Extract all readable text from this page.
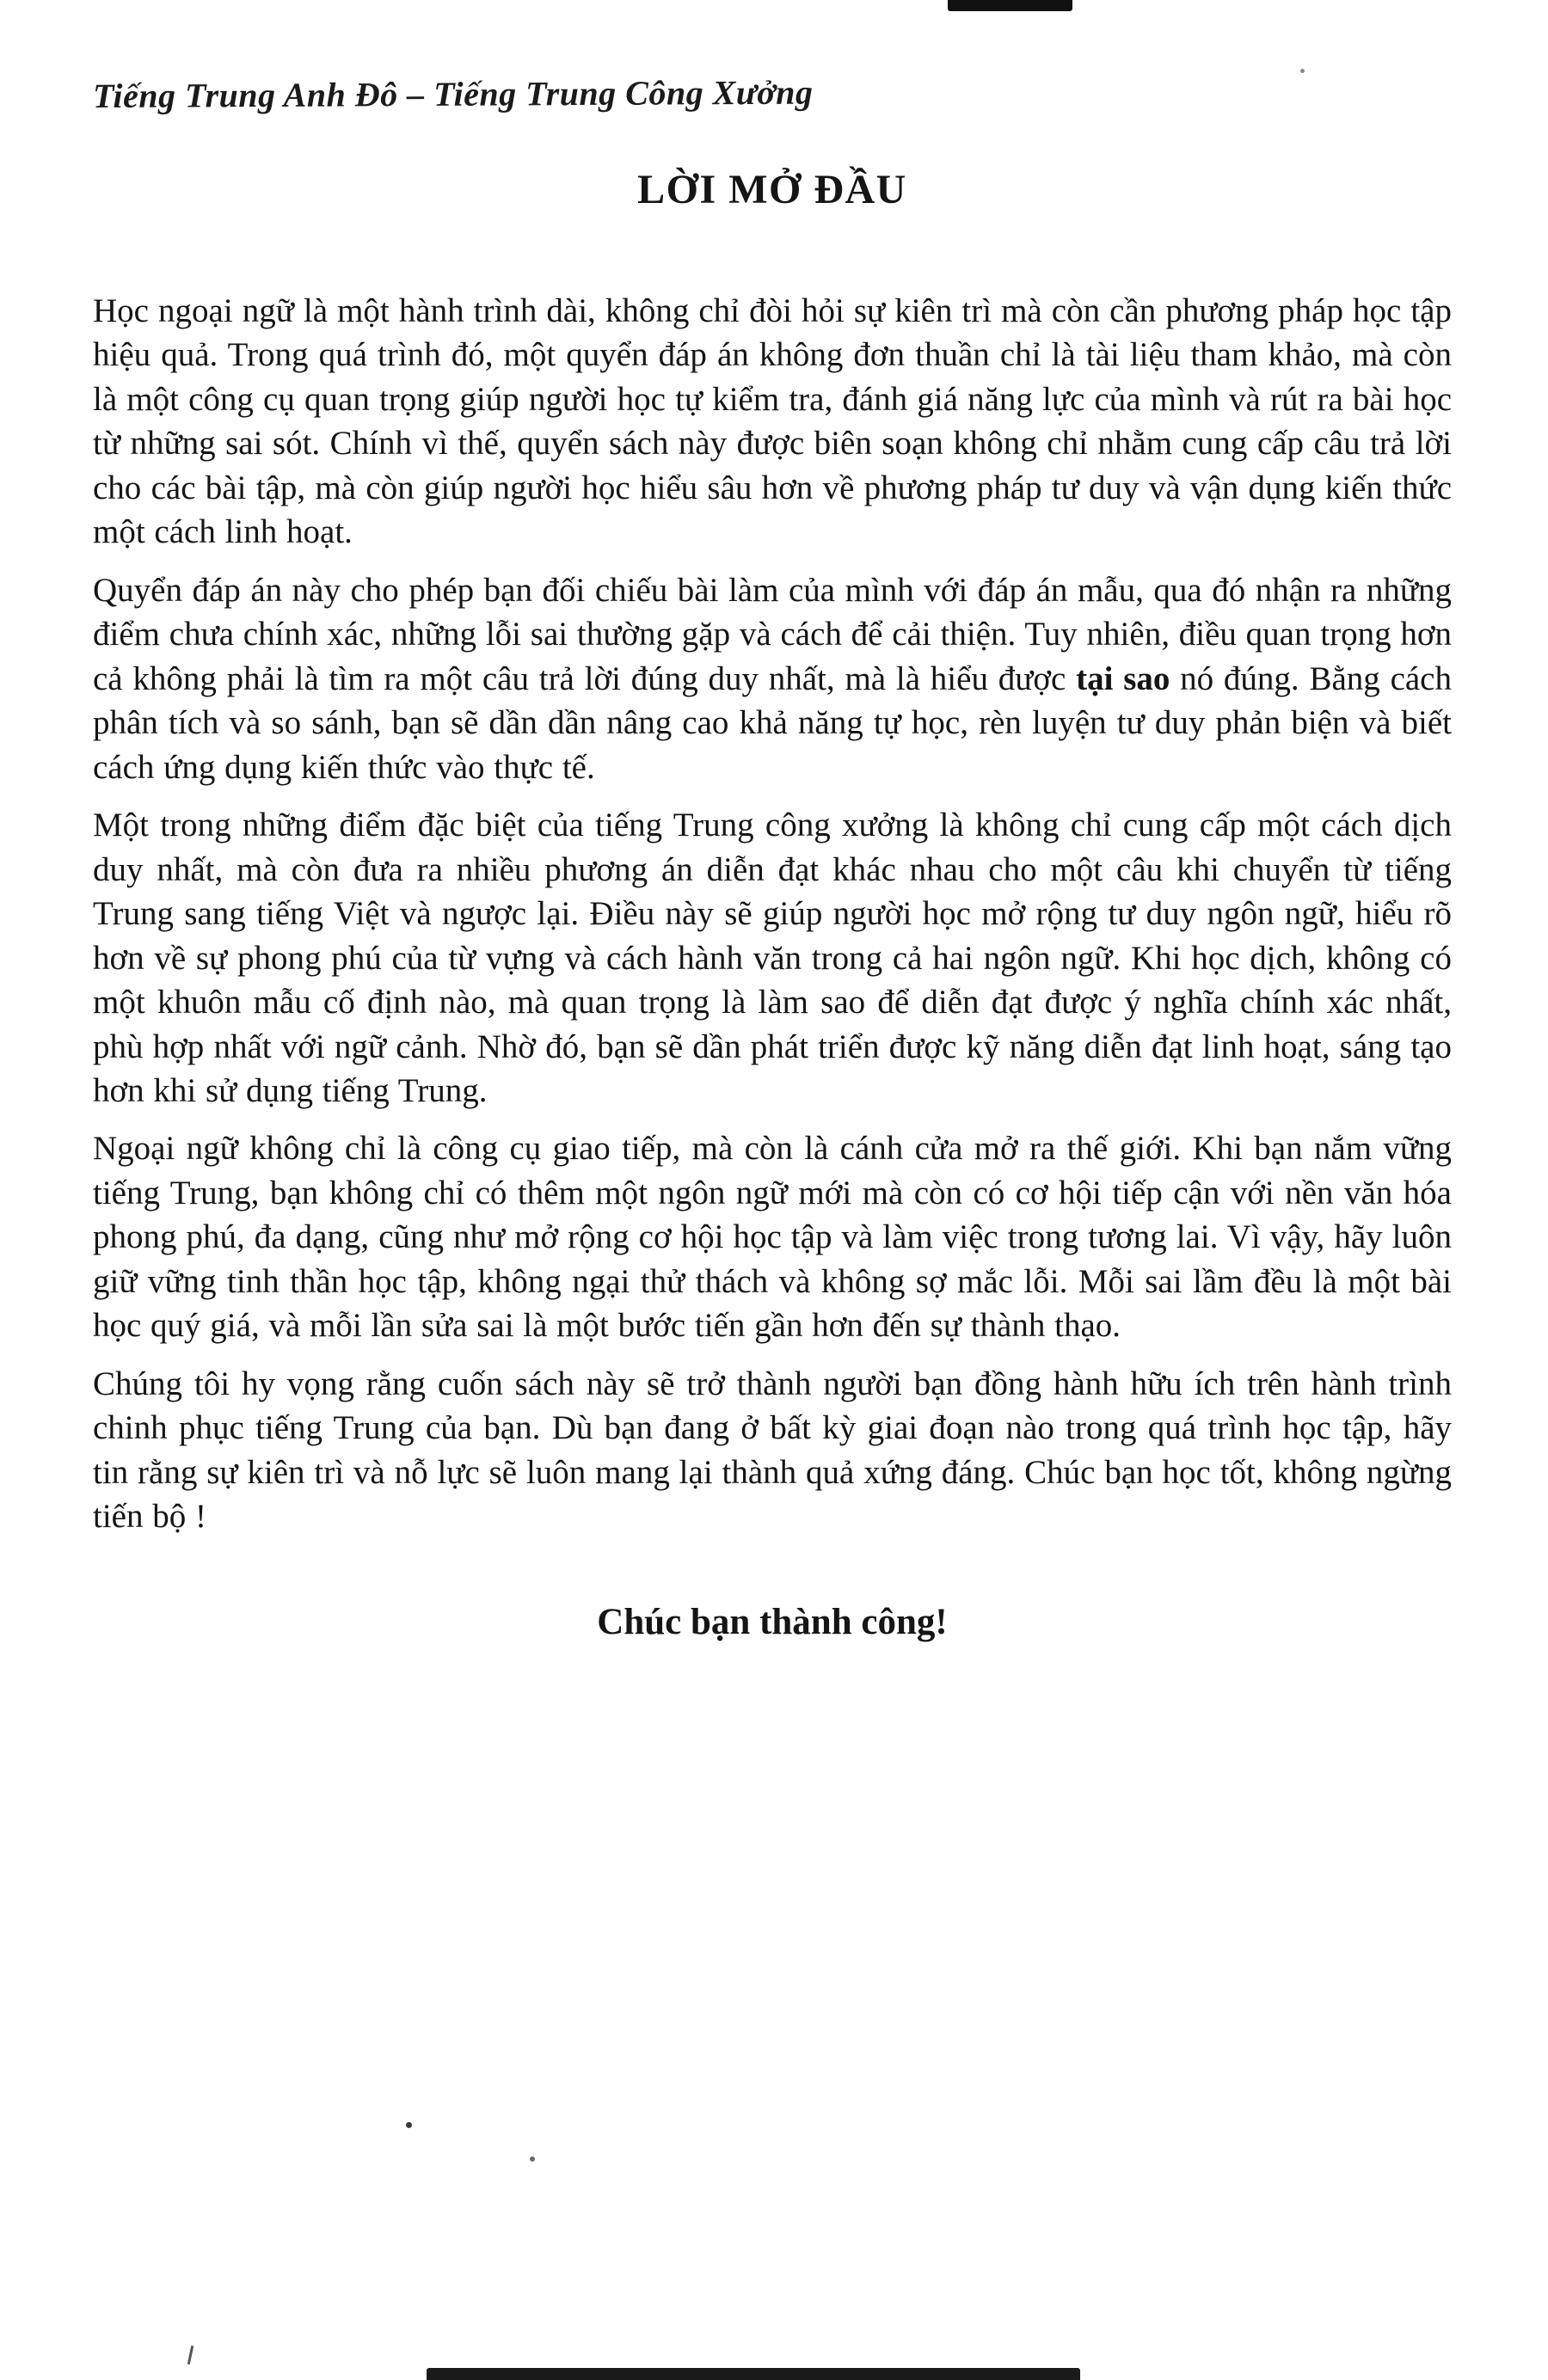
Tiếng Trung Anh Đô – Tiếng Trung Công Xưởng
LỜI MỞ ĐẦU

Học ngoại ngữ là một hành trình dài, không chỉ đòi hỏi sự kiên trì mà còn cần phương pháp học tập hiệu quả. Trong quá trình đó, một quyển đáp án không đơn thuần chỉ là tài liệu tham khảo, mà còn là một công cụ quan trọng giúp người học tự kiểm tra, đánh giá năng lực của mình và rút ra bài học từ những sai sót. Chính vì thế, quyển sách này được biên soạn không chỉ nhằm cung cấp câu trả lời cho các bài tập, mà còn giúp người học hiểu sâu hơn về phương pháp tư duy và vận dụng kiến thức một cách linh hoạt.

Quyển đáp án này cho phép bạn đối chiếu bài làm của mình với đáp án mẫu, qua đó nhận ra những điểm chưa chính xác, những lỗi sai thường gặp và cách để cải thiện. Tuy nhiên, điều quan trọng hơn cả không phải là tìm ra một câu trả lời đúng duy nhất, mà là hiểu được tại sao nó đúng. Bằng cách phân tích và so sánh, bạn sẽ dần dần nâng cao khả năng tự học, rèn luyện tư duy phản biện và biết cách ứng dụng kiến thức vào thực tế.

Một trong những điểm đặc biệt của tiếng Trung công xưởng là không chỉ cung cấp một cách dịch duy nhất, mà còn đưa ra nhiều phương án diễn đạt khác nhau cho một câu khi chuyển từ tiếng Trung sang tiếng Việt và ngược lại. Điều này sẽ giúp người học mở rộng tư duy ngôn ngữ, hiểu rõ hơn về sự phong phú của từ vựng và cách hành văn trong cả hai ngôn ngữ. Khi học dịch, không có một khuôn mẫu cố định nào, mà quan trọng là làm sao để diễn đạt được ý nghĩa chính xác nhất, phù hợp nhất với ngữ cảnh. Nhờ đó, bạn sẽ dần phát triển được kỹ năng diễn đạt linh hoạt, sáng tạo hơn khi sử dụng tiếng Trung.

Ngoại ngữ không chỉ là công cụ giao tiếp, mà còn là cánh cửa mở ra thế giới. Khi bạn nắm vững tiếng Trung, bạn không chỉ có thêm một ngôn ngữ mới mà còn có cơ hội tiếp cận với nền văn hóa phong phú, đa dạng, cũng như mở rộng cơ hội học tập và làm việc trong tương lai. Vì vậy, hãy luôn giữ vững tinh thần học tập, không ngại thử thách và không sợ mắc lỗi. Mỗi sai lầm đều là một bài học quý giá, và mỗi lần sửa sai là một bước tiến gần hơn đến sự thành thạo.

Chúng tôi hy vọng rằng cuốn sách này sẽ trở thành người bạn đồng hành hữu ích trên hành trình chinh phục tiếng Trung của bạn. Dù bạn đang ở bất kỳ giai đoạn nào trong quá trình học tập, hãy tin rằng sự kiên trì và nỗ lực sẽ luôn mang lại thành quả xứng đáng. Chúc bạn học tốt, không ngừng tiến bộ !

Chúc bạn thành công!
